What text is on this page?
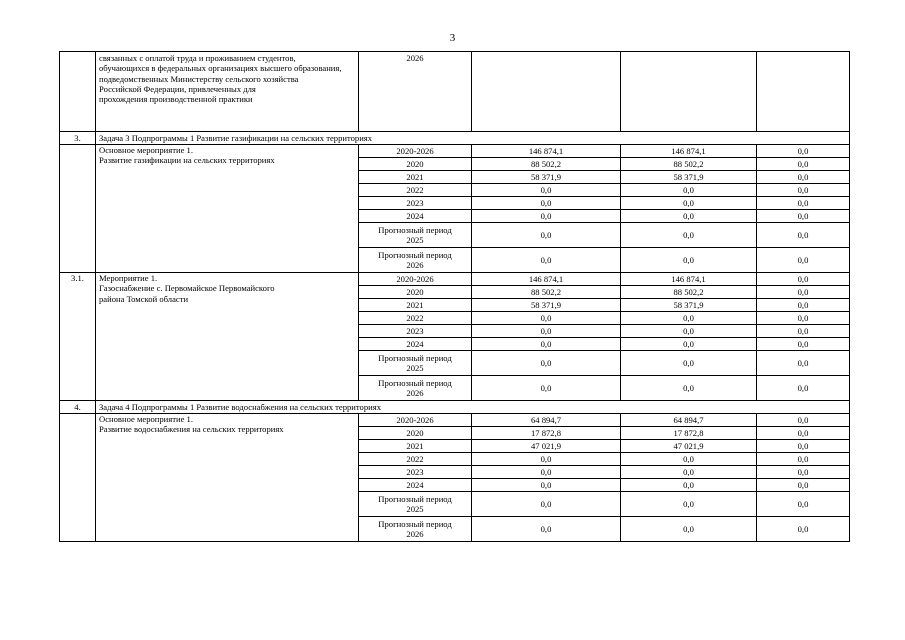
3

	связанных с оплатой труда и проживанием студентов,
обучающихся в федеральных организациях высшего образования,
подведомственных Министерству сельского хозяйства
Российской Федерации, привлеченных для
прохождения производственной практики	2026			
3.	Задача 3 Подпрограммы 1 Развитие газификации на сельских территориях				

	Основное мероприятие 1.
Развитие газификации на сельских территориях	2020-2026	146 874,1	146 874,1	0,0

		2020	88 502,2	88 502,2	0,0

		2021	58 371,9	58 371,9	0,0

		2022	0,0	0,0	0,0

		2023	0,0	0,0	0,0

		2024	0,0	0,0	0,0

		Прогнозный период
2025	0,0	0,0	0,0

		Прогнозный период
2026	0,0	0,0	0,0
3.1.	Мероприятие 1.
Газоснабжение с. Первомайское Первомайского
района Томской области	2020-2026	146 874,1	146 874,1	0,0

		2020	88 502,2	88 502,2	0,0

		2021	58 371,9	58 371,9	0,0

		2022	0,0	0,0	0,0

		2023	0,0	0,0	0,0

		2024	0,0	0,0	0,0

		Прогнозный период
2025	0,0	0,0	0,0

		Прогнозный период
2026	0,0	0,0	0,0
4.	Задача 4 Подпрограммы 1 Развитие водоснабжения на сельских территориях				

	Основное мероприятие 1.
Развитие водоснабжения на сельских территориях	2020-2026	64 894,7	64 894,7	0,0

		2020	17 872,8	17 872,8	0,0

		2021	47 021,9	47 021,9	0,0

		2022	0,0	0,0	0,0

		2023	0,0	0,0	0,0

		2024	0,0	0,0	0,0

		Прогнозный период
2025	0,0	0,0	0,0

		Прогнозный период
2026	0,0	0,0	0,0
